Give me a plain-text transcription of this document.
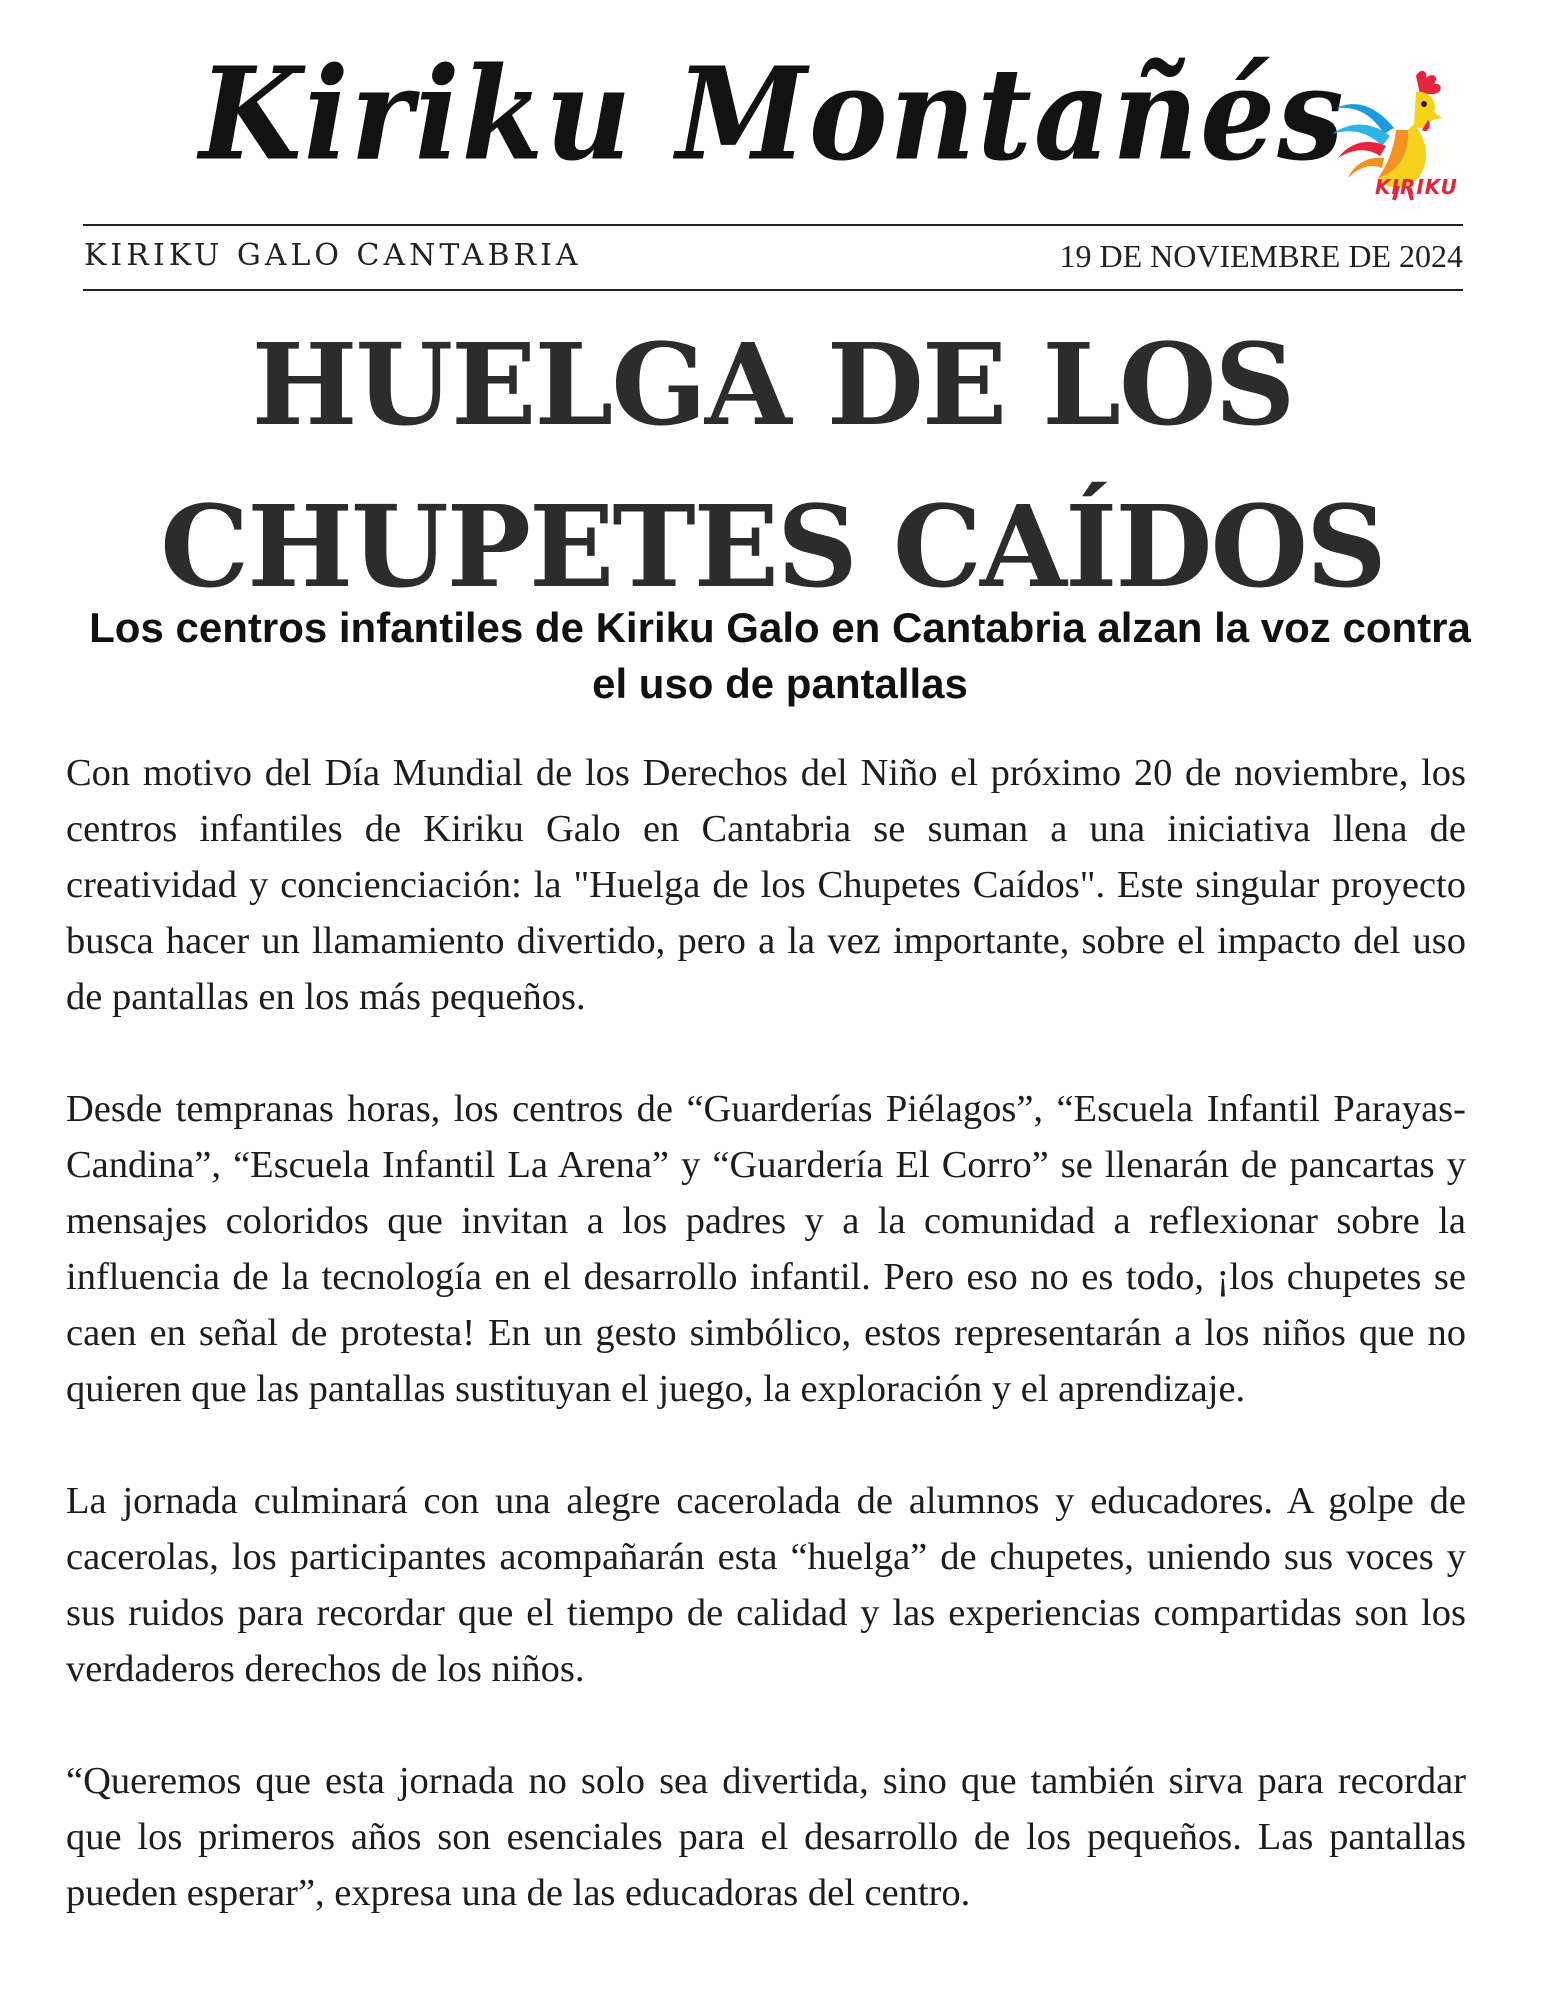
Kiriku Montañés	KIRIKU
KIRIKU GALO CANTABRIA	19 DE NOVIEMBRE DE 2024
HUELGA DE LOS CHUPETES CAÍDOS
Los centros infantiles de Kiriku Galo en Cantabria alzan la voz contra el uso de pantallas

Con motivo del Día Mundial de los Derechos del Niño el próximo 20 de noviembre, los centros infantiles de Kiriku Galo en Cantabria se suman a una iniciativa llena de creatividad y concienciación: la "Huelga de los Chupetes Caídos". Este singular proyecto busca hacer un llamamiento divertido, pero a la vez importante, sobre el impacto del uso de pantallas en los más pequeños.

Desde tempranas horas, los centros de “Guarderías Piélagos”, “Escuela Infantil Parayas-Candina”, “Escuela Infantil La Arena” y “Guardería El Corro” se llenarán de pancartas y mensajes coloridos que invitan a los padres y a la comunidad a reflexionar sobre la influencia de la tecnología en el desarrollo infantil. Pero eso no es todo, ¡los chupetes se caen en señal de protesta! En un gesto simbólico, estos representarán a los niños que no quieren que las pantallas sustituyan el juego, la exploración y el aprendizaje.

La jornada culminará con una alegre cacerolada de alumnos y educadores. A golpe de cacerolas, los participantes acompañarán esta “huelga” de chupetes, uniendo sus voces y sus ruidos para recordar que el tiempo de calidad y las experiencias compartidas son los verdaderos derechos de los niños.

“Queremos que esta jornada no solo sea divertida, sino que también sirva para recordar que los primeros años son esenciales para el desarrollo de los pequeños. Las pantallas pueden esperar”, expresa una de las educadoras del centro.
